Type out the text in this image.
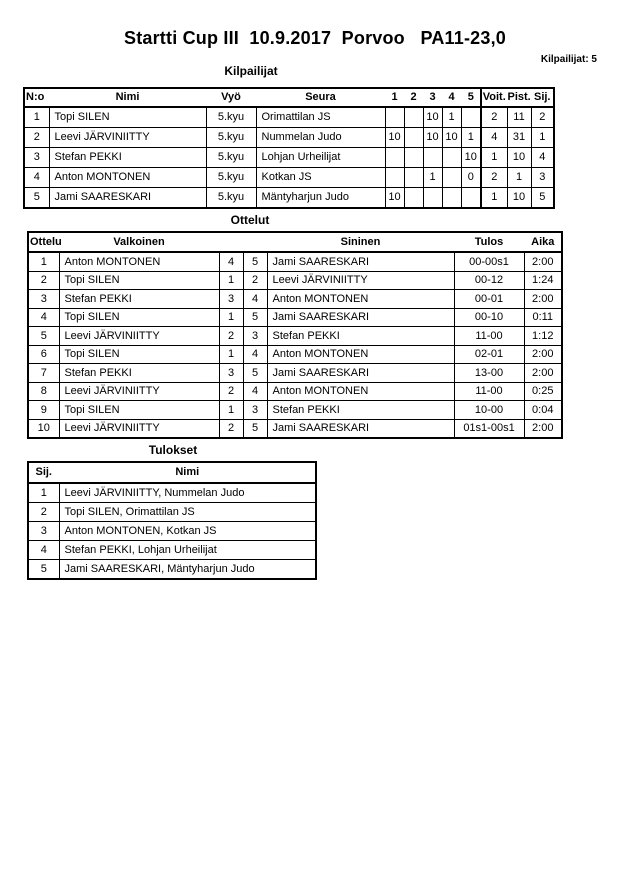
Startti Cup III  10.9.2017  Porvoo   PA11-23,0
Kilpailijat: 5
Kilpailijat
N:o	Nimi	Vyö	Seura	1	2	3	4	5	Voit.	Pist.	Sij.
1	Topi SILEN	5.kyu	Orimattilan JS			10	1		2	11	2
2	Leevi JÄRVINIITTY	5.kyu	Nummelan Judo	10		10	10	1	4	31	1
3	Stefan PEKKI	5.kyu	Lohjan Urheilijat					10	1	10	4
4	Anton MONTONEN	5.kyu	Kotkan JS			1		0	2	1	3
5	Jami SAARESKARI	5.kyu	Mäntyharjun Judo	10					1	10	5
Ottelut
Ottelu	Valkoinen			Sininen	Tulos	Aika
1	Anton MONTONEN	4	5	Jami SAARESKARI	00-00s1	2:00
2	Topi SILEN	1	2	Leevi JÄRVINIITTY	00-12	1:24
3	Stefan PEKKI	3	4	Anton MONTONEN	00-01	2:00
4	Topi SILEN	1	5	Jami SAARESKARI	00-10	0:11
5	Leevi JÄRVINIITTY	2	3	Stefan PEKKI	11-00	1:12
6	Topi SILEN	1	4	Anton MONTONEN	02-01	2:00
7	Stefan PEKKI	3	5	Jami SAARESKARI	13-00	2:00
8	Leevi JÄRVINIITTY	2	4	Anton MONTONEN	11-00	0:25
9	Topi SILEN	1	3	Stefan PEKKI	10-00	0:04
10	Leevi JÄRVINIITTY	2	5	Jami SAARESKARI	01s1-00s1	2:00
Tulokset
Sij.	Nimi
1	Leevi JÄRVINIITTY, Nummelan Judo
2	Topi SILEN, Orimattilan JS
3	Anton MONTONEN, Kotkan JS
4	Stefan PEKKI, Lohjan Urheilijat
5	Jami SAARESKARI, Mäntyharjun Judo
